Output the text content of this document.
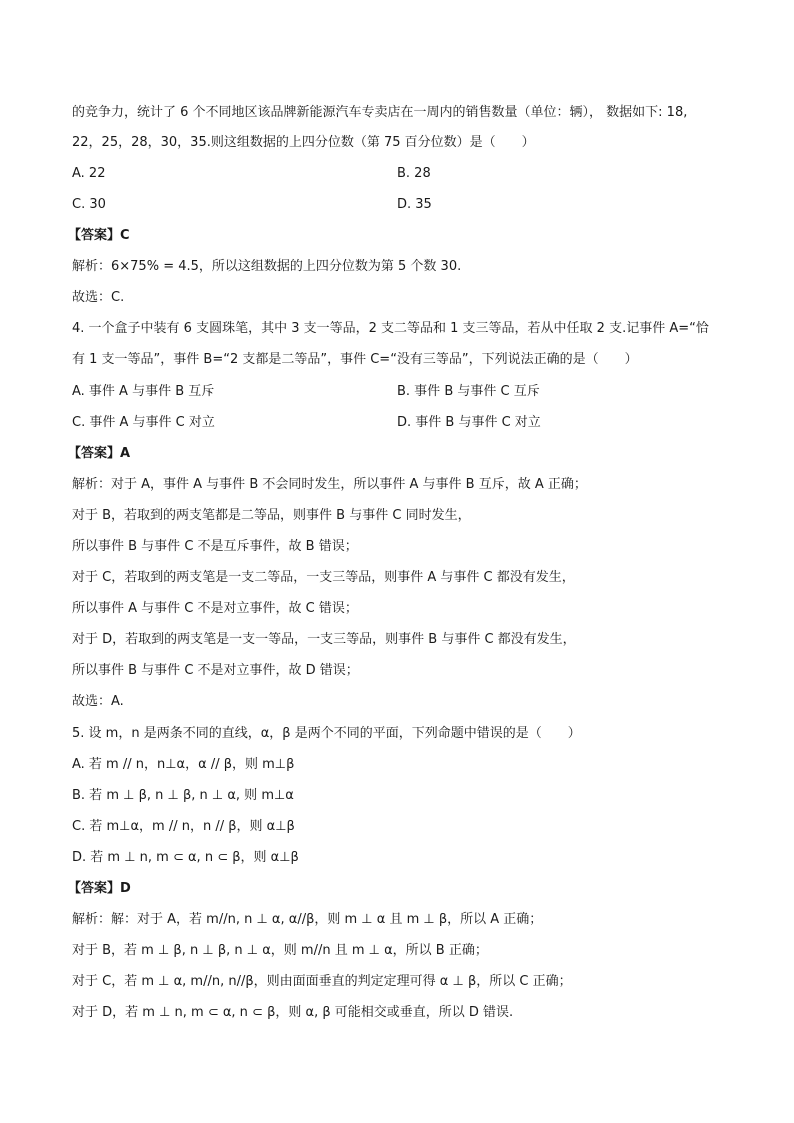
的竞争力，统计了 6 个不同地区该品牌新能源汽车专卖店在一周内的销售数量（单位：辆）， 数据如下: 18,
22，25，28，30，35.则这组数据的上四分位数（第 75 百分位数）是（　　）
A. 22	B. 28
C. 30	D. 35
【答案】C
解析：6×75% = 4.5，所以这组数据的上四分位数为第 5 个数 30.
故选：C.
4. 一个盒子中装有 6 支圆珠笔，其中 3 支一等品，2 支二等品和 1 支三等品，若从中任取 2 支.记事件 A=“恰
有 1 支一等品”，事件 B=“2 支都是二等品”，事件 C=“没有三等品”，下列说法正确的是（　　）
A. 事件 A 与事件 B 互斥	B. 事件 B 与事件 C 互斥
C. 事件 A 与事件 C 对立	D. 事件 B 与事件 C 对立
【答案】A
解析：对于 A，事件 A 与事件 B 不会同时发生，所以事件 A 与事件 B 互斥，故 A 正确；
对于 B，若取到的两支笔都是二等品，则事件 B 与事件 C 同时发生，
所以事件 B 与事件 C 不是互斥事件，故 B 错误；
对于 C，若取到的两支笔是一支二等品，一支三等品，则事件 A 与事件 C 都没有发生，
所以事件 A 与事件 C 不是对立事件，故 C 错误；
对于 D，若取到的两支笔是一支一等品，一支三等品，则事件 B 与事件 C 都没有发生，
所以事件 B 与事件 C 不是对立事件，故 D 错误；
故选：A.
5. 设 m，n 是两条不同的直线，α，β 是两个不同的平面，下列命题中错误的是（　　）
A. 若 m // n，n⊥α，α // β，则 m⊥β
B. 若 m ⊥ β, n ⊥ β, n ⊥ α, 则 m⊥α
C. 若 m⊥α，m // n，n // β，则 α⊥β
D. 若 m ⊥ n, m ⊂ α, n ⊂ β，则 α⊥β
【答案】D
解析：解：对于 A，若 m//n, n ⊥ α, α//β，则 m ⊥ α 且 m ⊥ β，所以 A 正确；
对于 B，若 m ⊥ β, n ⊥ β, n ⊥ α，则 m//n 且 m ⊥ α，所以 B 正确；
对于 C，若 m ⊥ α, m//n, n//β，则由面面垂直的判定定理可得 α ⊥ β，所以 C 正确；
对于 D，若 m ⊥ n, m ⊂ α, n ⊂ β，则 α, β 可能相交或垂直，所以 D 错误.
